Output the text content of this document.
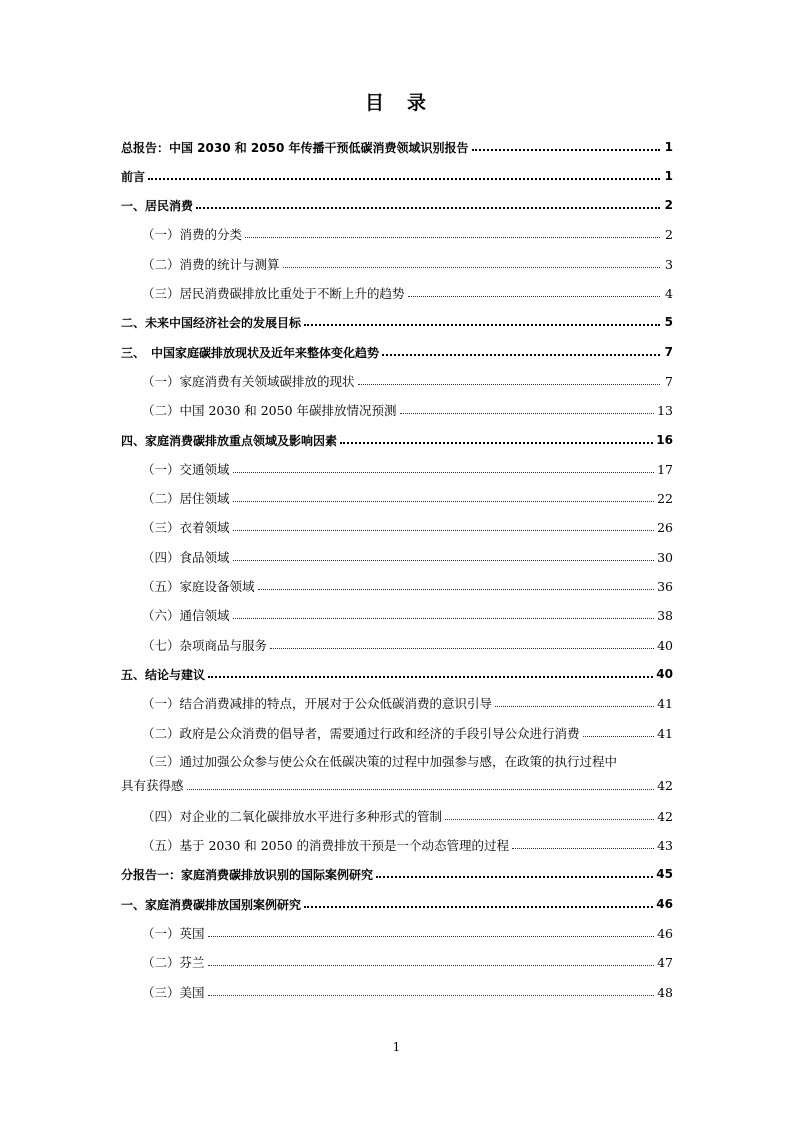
目　录
总报告：中国 2030 和 2050 年传播干预低碳消费领域识别报告	1
前言	1
一、居民消费	2
（一）消费的分类	2
（二）消费的统计与测算	3
（三）居民消费碳排放比重处于不断上升的趋势	4
二、未来中国经济社会的发展目标	5
三、　中国家庭碳排放现状及近年来整体变化趋势	7
（一）家庭消费有关领域碳排放的现状	7
（二）中国 2030 和 2050 年碳排放情况预测	13
四、家庭消费碳排放重点领域及影响因素	16
（一）交通领域	17
（二）居住领域	22
（三）衣着领域	26
（四）食品领域	30
（五）家庭设备领域	36
（六）通信领域	38
（七）杂项商品与服务	40
五、结论与建议	40
（一）结合消费减排的特点，开展对于公众低碳消费的意识引导	41
（二）政府是公众消费的倡导者，需要通过行政和经济的手段引导公众进行消费	41
（三）通过加强公众参与使公众在低碳决策的过程中加强参与感，在政策的执行过程中
具有获得感	42
（四）对企业的二氧化碳排放水平进行多种形式的管制	42
（五）基于 2030 和 2050 的消费排放干预是一个动态管理的过程	43
分报告一：家庭消费碳排放识别的国际案例研究	45
一、家庭消费碳排放国别案例研究	46
（一）英国	46
（二）芬兰	47
（三）美国	48
1
